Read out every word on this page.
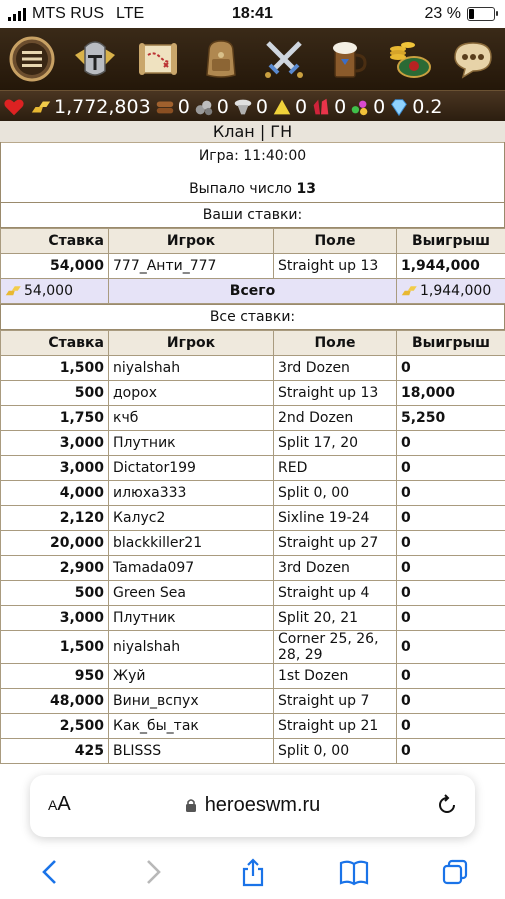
MTS RUS LTE	18:41	23 %
1,772,803 0 0 0 0 0 0 0.2
Клан | ГН
Игра: 11:40:00
Выпало число 13
Ваши ставки:
Ставка	Игрок	Поле	Выигрыш
54,000	777_Анти_777	Straight up 13	1,944,000
54,000	Всего		1,944,000
Все ставки:
Ставка	Игрок	Поле	Выигрыш
1,500	niyalshah	3rd Dozen	0
500	дорох	Straight up 13	18,000
1,750	кчб	2nd Dozen	5,250
3,000	Плутник	Split 17, 20	0
3,000	Dictator199	RED	0
4,000	илюха333	Split 0, 00	0
2,120	Калус2	Sixline 19-24	0
20,000	blackkiller21	Straight up 27	0
2,900	Tamada097	3rd Dozen	0
500	Green Sea	Straight up 4	0
3,000	Плутник	Split 20, 21	0
1,500	niyalshah	Corner 25, 26, 28, 29	0
950	Жуй	1st Dozen	0
48,000	Вини_вспух	Straight up 7	0
2,500	Как_бы_так	Straight up 21	0
425	BLISSS	Split 0, 00	0
AA	heroeswm.ru
